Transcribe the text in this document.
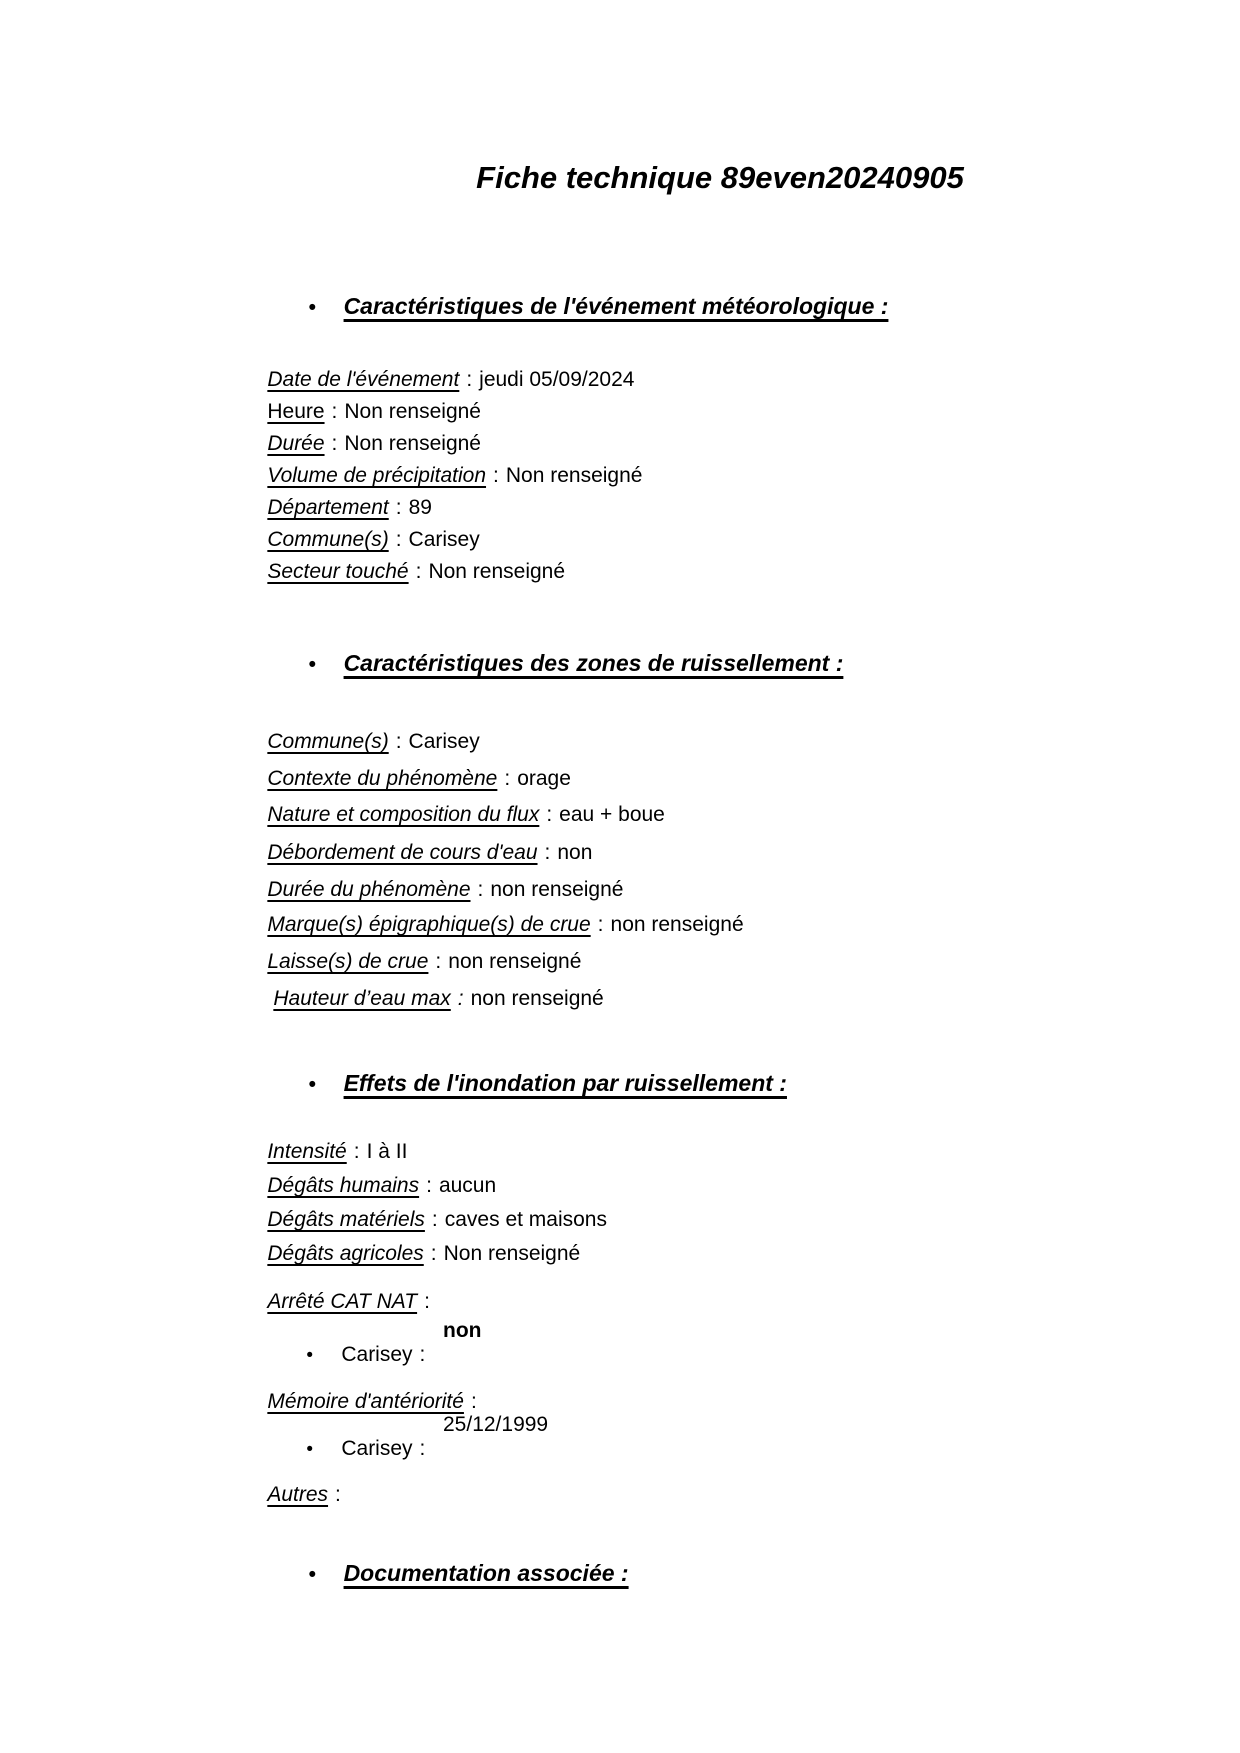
Fiche technique 89even20240905

• Caractéristiques de l'événement météorologique :

Date de l'événement : jeudi 05/09/2024

Heure : Non renseigné

Durée : Non renseigné

Volume de précipitation : Non renseigné

Département : 89

Commune(s) : Carisey

Secteur touché : Non renseigné

• Caractéristiques des zones de ruissellement :

Commune(s) : Carisey

Contexte du phénomène : orage

Nature et composition du flux : eau + boue

Débordement de cours d'eau : non

Durée du phénomène : non renseigné

Marque(s) épigraphique(s) de crue : non renseigné

Laisse(s) de crue : non renseigné

Hauteur d’eau max : non renseigné

• Effets de l'inondation par ruissellement :

Intensité : I à II

Dégâts humains : aucun

Dégâts matériels : caves et maisons

Dégâts agricoles : Non renseigné

Arrêté CAT NAT :

• Carisey :
non

Mémoire d'antériorité :

• Carisey :
25/12/1999

Autres :

• Documentation associée :
